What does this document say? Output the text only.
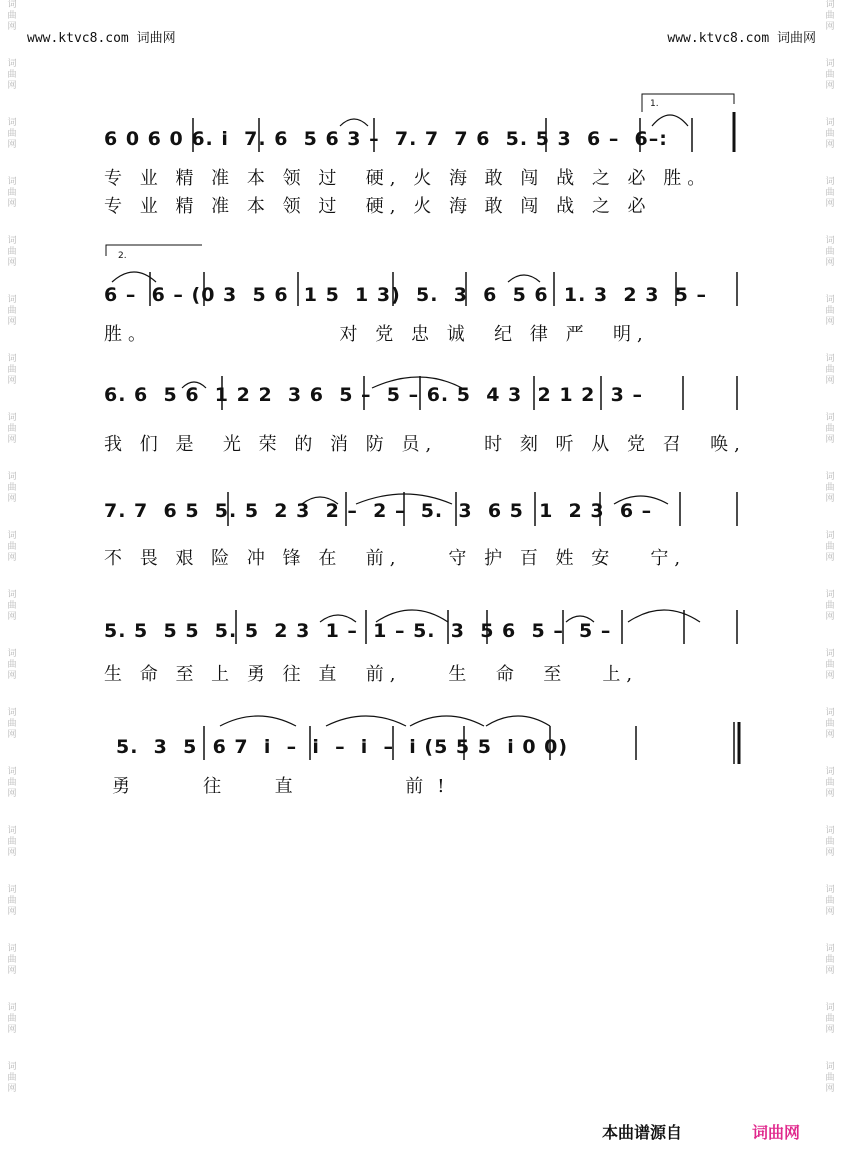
词
曲
网
词
曲
网
词
曲
网
词
曲
网
词
曲
网
词
曲
网
词
曲
网
词
曲
网
词
曲
网
词
曲
网
词
曲
网
词
曲
网
词
曲
网
词
曲
网
词
曲
网
词
曲
网
词
曲
网
词
曲
网
词
曲
网
词
曲
网
词
曲
网
词
曲
网
词
曲
网
词
曲
网
词
曲
网
词
曲
网
词
曲
网
词
曲
网
词
曲
网
词
曲
网
词
曲
网
词
曲
网
词
曲
网
词
曲
网
词
曲
网
词
曲
网
词
曲
网
词
曲
网
www.ktvc8.com 词曲网	www.ktvc8.com 词曲网
6 0 6 0 6. i  7. 6  5 6 3 –  7. 7  7 6  5. 5 3  6 –  6–:
专 业 精 准 本 领 过  硬, 火 海 敢 闯 战 之 必 胜。
专 业 精 准 本 领 过  硬, 火 海 敢 闯 战 之 必
6 –  6 – (0 3  5 6  1 5  1 3)  5.  3  6  5 6  1. 3  2 3  5 –
胜。                对 党 忠 诚  纪 律 严  明,
6. 6  5 6  1 2 2  3 6  5 –  5 – 6. 5  4 3  2 1 2  3 –
我 们 是  光 荣 的 消 防 员,    时 刻 听 从 党 召  唤,
7. 7  6 5  5. 5  2 3  2 –  2 –  5.  3  6 5  1  2 3  6 –
不 畏 艰 险 冲 锋 在  前,    守 护 百 姓 安   宁,
5. 5  5 5  5. 5  2 3  1 –  1 – 5.  3  5 6  5 –  5 –
生 命 至 上 勇 往 直  前,    生  命  至   上,
5.  3  5  6 7  i  –  i  –  i  –  i (5 5 5  i 0 0)
勇   往  直     前!
1.
2.
本曲谱源自	词曲网
